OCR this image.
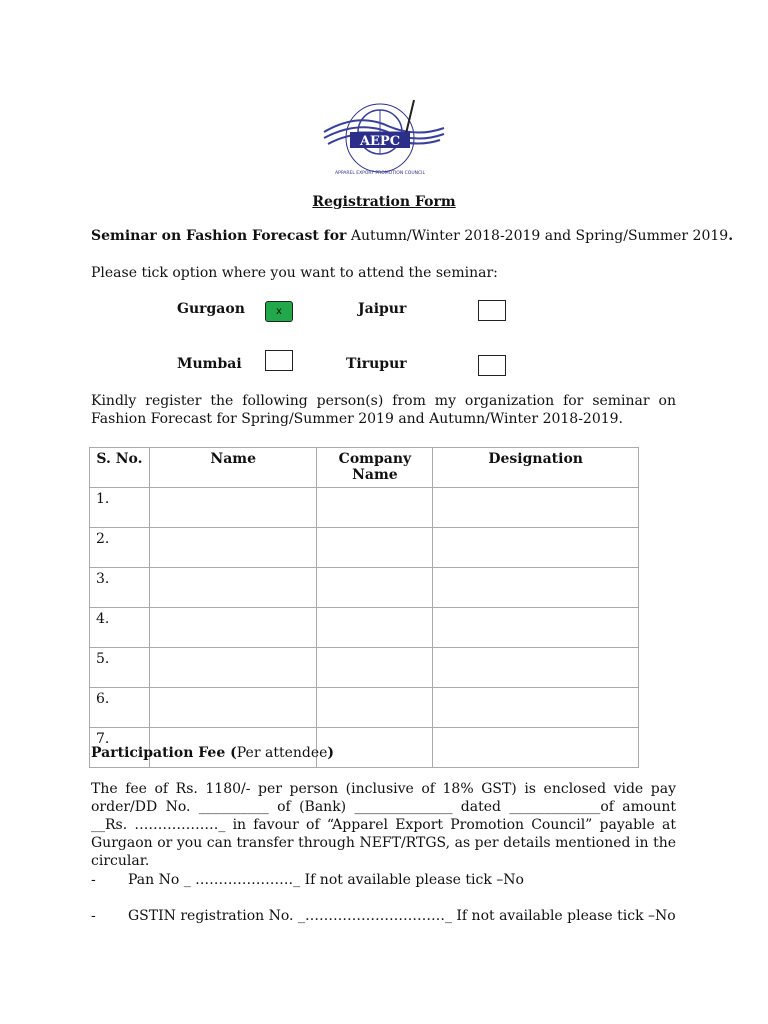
AEPC
APPAREL EXPORT PROMOTION COUNCIL
Registration Form
Seminar on Fashion Forecast for Autumn/Winter 2018-2019 and Spring/Summer 2019.
Please tick option where you want to attend the seminar:
Gurgaon	x	Jaipur
Mumbai	Tirupur
Kindly register the following person(s) from my organization for seminar on Fashion Forecast for Spring/Summer 2019 and Autumn/Winter 2018-2019.
S. No.	Name	Company Name	Designation
1.			
2.			
3.			
4.			
5.			
6.			
7.			
Participation Fee (Per attendee)
The fee of Rs. 1180/- per person (inclusive of 18% GST) is enclosed vide pay order/DD No. __________ of (Bank) ______________ dated _____________of amount __Rs. ………………_ in favour of “Apparel Export Promotion Council” payable at Gurgaon or you can transfer through NEFT/RTGS, as per details mentioned in the circular.
- Pan No _ …………………_ If not available please tick –No
- GSTIN registration No. _…………………………_ If not available please tick –No
